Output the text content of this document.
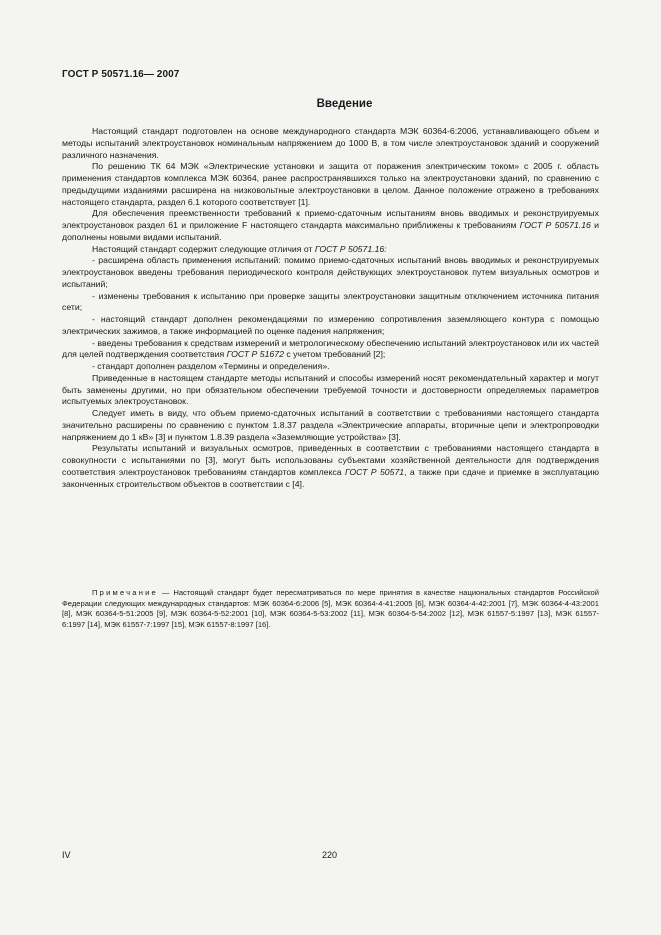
ГОСТ Р 50571.16— 2007
Введение

Настоящий стандарт подготовлен на основе международного стандарта МЭК 60364-6:2006, устанавливающего объем и методы испытаний электроустановок номинальным напряжением до 1000 В, в том числе электроустановок зданий и сооружений различного назначения.

По решению ТК 64 МЭК «Электрические установки и защита от поражения электрическим током» с 2005 г. область применения стандартов комплекса МЭК 60364, ранее распространявшихся только на электроустановки зданий, по сравнению с предыдущими изданиями расширена на низковольтные электроустановки в целом. Данное положение отражено в требованиях настоящего стандарта, раздел 6.1 которого соответствует [1].

Для обеспечения преемственности требований к приемо-сдаточным испытаниям вновь вводимых и реконструируемых электроустановок раздел 61 и приложение F настоящего стандарта максимально приближены к требованиям ГОСТ Р 50571.16 и дополнены новыми видами испытаний.

Настоящий стандарт содержит следующие отличия от ГОСТ Р 50571.16:

- расширена область применения испытаний: помимо приемо-сдаточных испытаний вновь вводимых и реконструируемых электроустановок введены требования периодического контроля действующих электроустановок путем визуальных осмотров и испытаний;

- изменены требования к испытанию при проверке защиты электроустановки защитным отключением источника питания сети;

- настоящий стандарт дополнен рекомендациями по измерению сопротивления заземляющего контура с помощью электрических зажимов, а также информацией по оценке падения напряжения;

- введены требования к средствам измерений и метрологическому обеспечению испытаний электроустановок или их частей для целей подтверждения соответствия ГОСТ Р 51672 с учетом требований [2];

- стандарт дополнен разделом «Термины и определения».

Приведенные в настоящем стандарте методы испытаний и способы измерений носят рекомендательный характер и могут быть заменены другими, но при обязательном обеспечении требуемой точности и достоверности определяемых параметров испытуемых электроустановок.

Следует иметь в виду, что объем приемо-сдаточных испытаний в соответствии с требованиями настоящего стандарта значительно расширены по сравнению с пунктом 1.8.37 раздела «Электрические аппараты, вторичные цепи и электропроводки напряжением до 1 кВ» [3] и пунктом 1.8.39 раздела «Заземляющие устройства» [3].

Результаты испытаний и визуальных осмотров, приведенных в соответствии с требованиями настоящего стандарта в совокупности с испытаниями по [3], могут быть использованы субъектами хозяйственной деятельности для подтверждения соответствия электроустановок требованиям стандартов комплекса ГОСТ Р 50571, а также при сдаче и приемке в эксплуатацию законченных строительством объектов в соответствии с [4].

Примечание — Настоящий стандарт будет пересматриваться по мере принятия в качестве национальных стандартов Российской Федерации следующих международных стандартов: МЭК 60364-6:2006 [5], МЭК 60364-4-41:2005 [6], МЭК 60364-4-42:2001 [7], МЭК 60364-4-43:2001 [8], МЭК 60364-5-51:2005 [9], МЭК 60364-5-52:2001 [10], МЭК 60364-5-53:2002 [11], МЭК 60364-5-54:2002 [12], МЭК 61557-5:1997 [13], МЭК 61557-6:1997 [14], МЭК 61557-7:1997 [15], МЭК 61557-8:1997 [16].

IV	220
